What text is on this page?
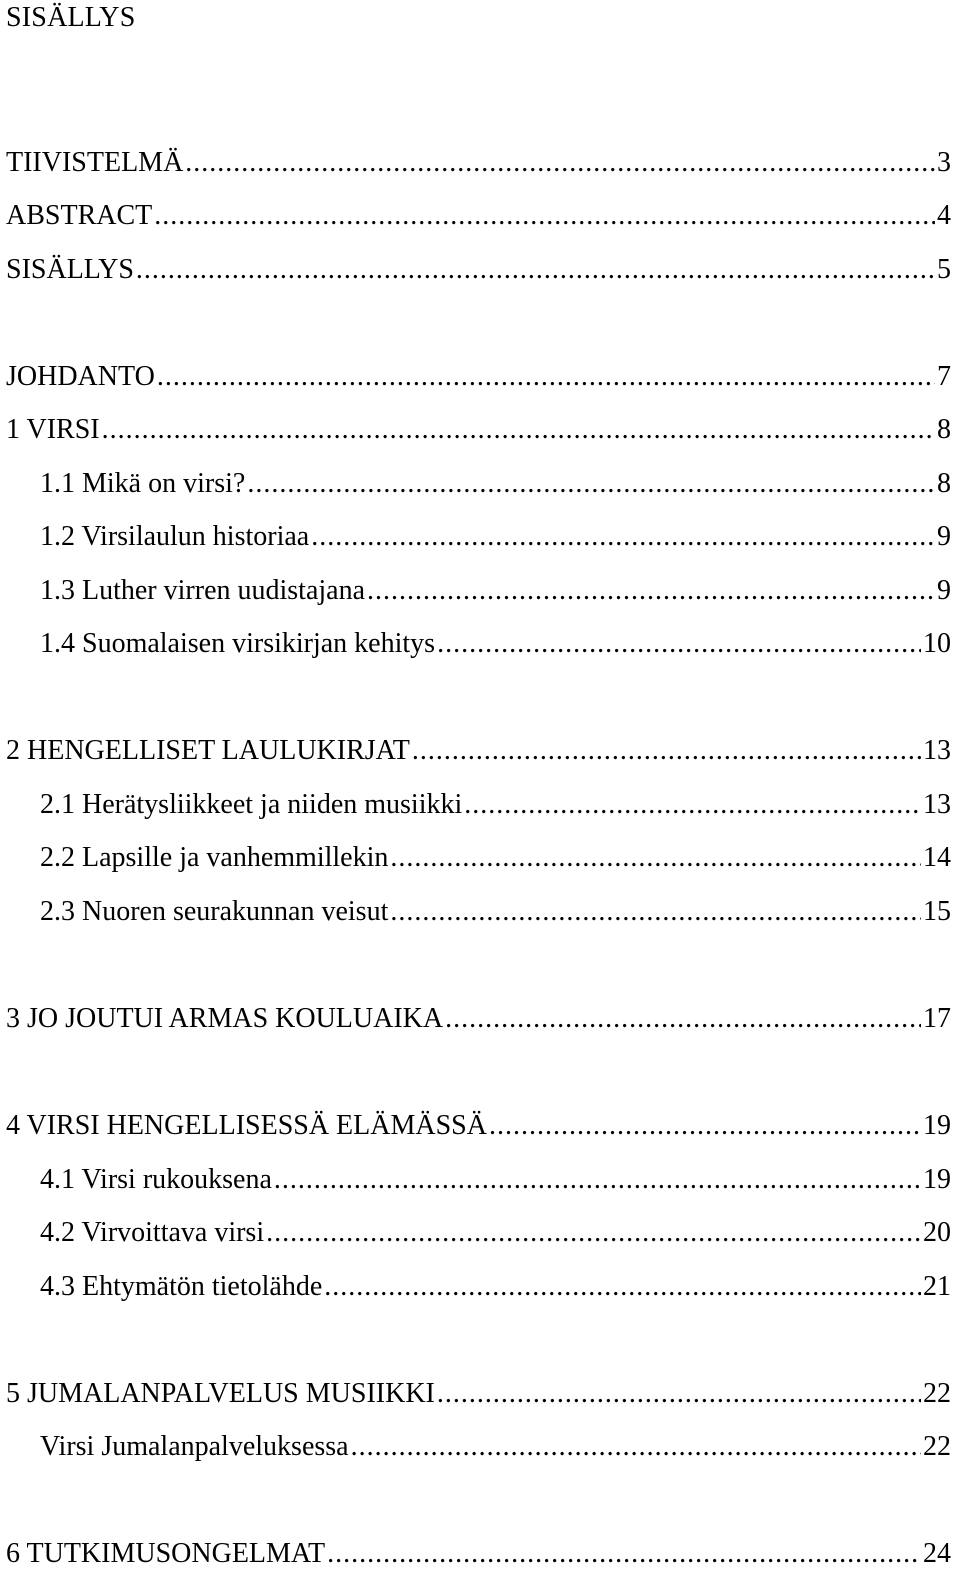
SISÄLLYS
TIIVISTELMÄ .....	3
ABSTRACT .....	4
SISÄLLYS .....	5
JOHDANTO .....	7
1 VIRSI .....	8
1.1 Mikä on virsi? .....	8
1.2 Virsilaulun historiaa .....	9
1.3 Luther virren uudistajana .....	9
1.4 Suomalaisen virsikirjan kehitys .....	10
2 HENGELLISET LAULUKIRJAT .....	13
2.1 Herätysliikkeet ja niiden musiikki .....	13
2.2 Lapsille ja vanhemmillekin .....	14
2.3 Nuoren seurakunnan veisut .....	15
3 JO JOUTUI ARMAS KOULUAIKA .....	17
4 VIRSI HENGELLISESSÄ ELÄMÄSSÄ .....	19
4.1 Virsi rukouksena .....	19
4.2 Virvoittava virsi .....	20
4.3 Ehtymätön tietolähde .....	21
5 JUMALANPALVELUS MUSIIKKI .....	22
Virsi Jumalanpalveluksessa .....	22
6 TUTKIMUSONGELMAT .....	24
